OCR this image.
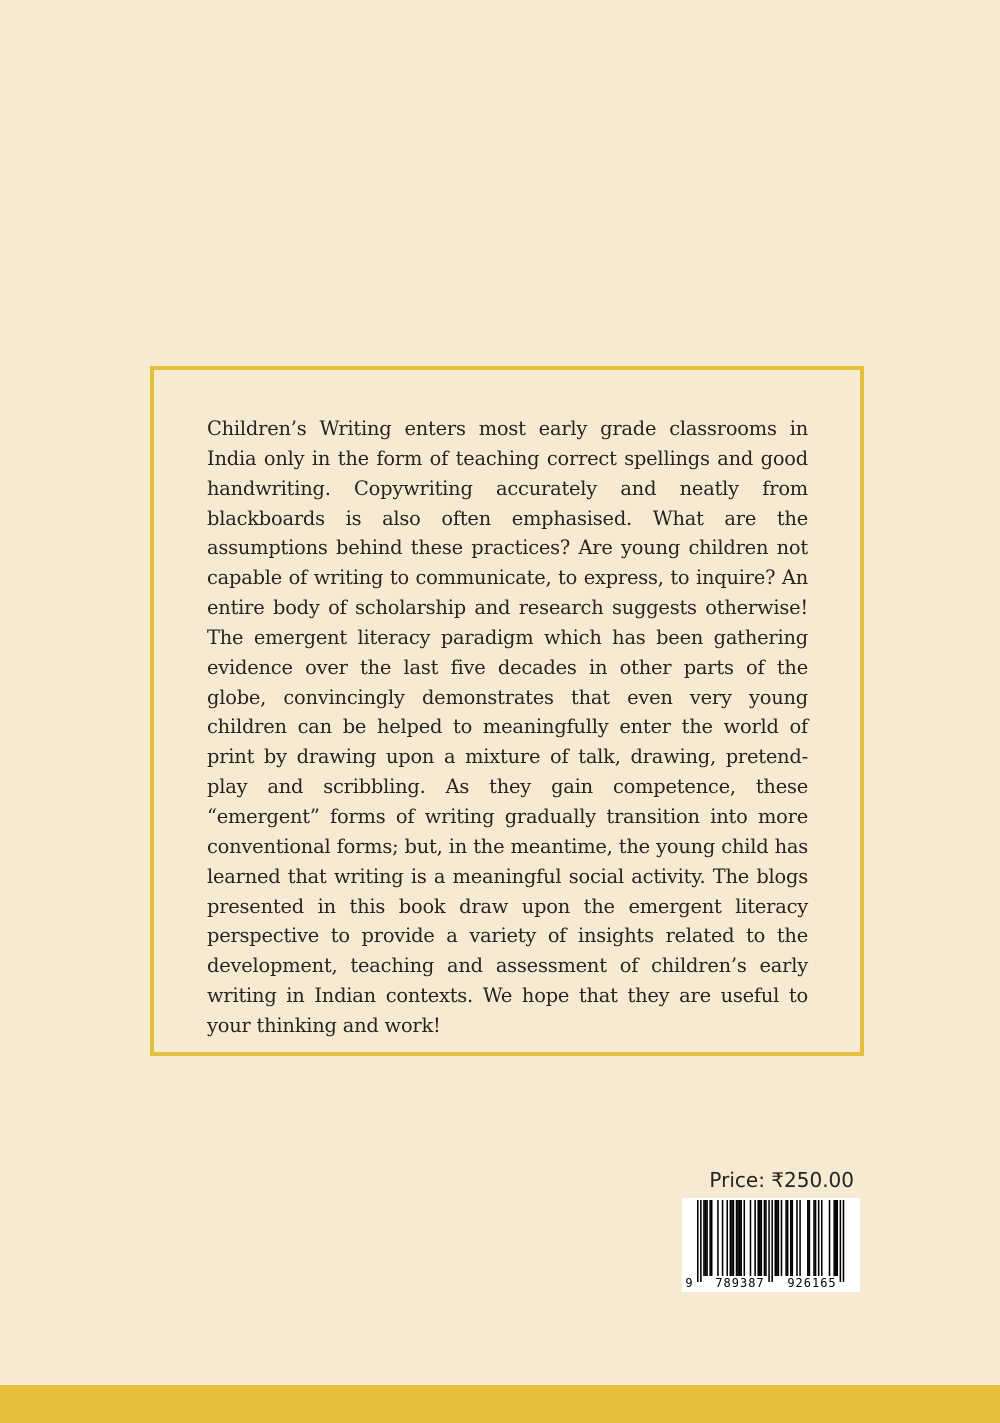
Children’s Writing enters most early grade classrooms in India only in the form of teaching correct spellings and good handwriting. Copywriting accurately and neatly from blackboards is also often emphasised. What are the assumptions behind these practices? Are young children not capable of writing to communicate, to express, to inquire? An entire body of scholarship and research suggests otherwise! The emergent literacy paradigm which has been gathering evidence over the last five decades in other parts of the globe, convincingly demonstrates that even very young children can be helped to meaningfully enter the world of print by drawing upon a mixture of talk, drawing, pretend-play and scribbling. As they gain competence, these “emergent” forms of writing gradually transition into more conventional forms; but, in the meantime, the young child has learned that writing is a meaningful social activity. The blogs presented in this book draw upon the emergent literacy perspective to provide a variety of insights related to the development, teaching and assessment of children’s early writing in Indian contexts. We hope that they are useful to your thinking and work!

Price: ₹250.00
9 789387 926165
